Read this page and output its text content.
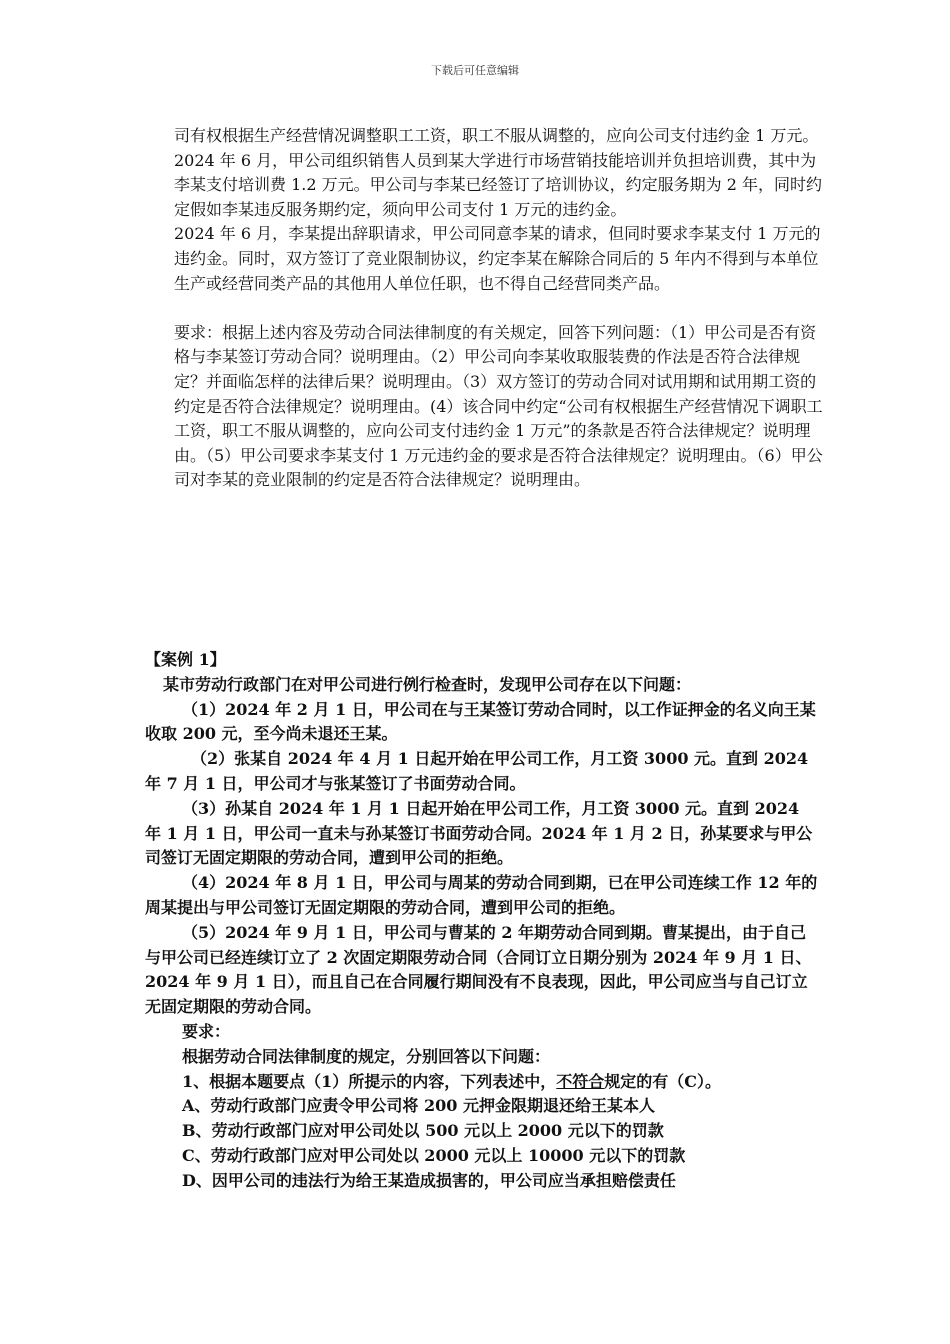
下载后可任意编辑

司有权根据生产经营情况调整职工工资，职工不服从调整的，应向公司支付违约金 1 万元。 2024 年 6 月，甲公司组织销售人员到某大学进行市场营销技能培训并负担培训费，其中为李某支付培训费 1.2 万元。甲公司与李某已经签订了培训协议，约定服务期为 2 年，同时约定假如李某违反服务期约定，须向甲公司支付 1 万元的违约金。

2024 年 6 月，李某提出辞职请求，甲公司同意李某的请求，但同时要求李某支付 1 万元的违约金。同时，双方签订了竞业限制协议，约定李某在解除合同后的 5 年内不得到与本单位生产或经营同类产品的其他用人单位任职，也不得自己经营同类产品。

要求：根据上述内容及劳动合同法律制度的有关规定，回答下列问题：（1）甲公司是否有资格与李某签订劳动合同？说明理由。（2）甲公司向李某收取服装费的作法是否符合法律规定？并面临怎样的法律后果？说明理由。（3）双方签订的劳动合同对试用期和试用期工资的约定是否符合法律规定？说明理由。(4）该合同中约定“公司有权根据生产经营情况下调职工工资，职工不服从调整的，应向公司支付违约金 1 万元”的条款是否符合法律规定？说明理由。（5）甲公司要求李某支付 1 万元违约金的要求是否符合法律规定？说明理由。（6）甲公司对李某的竞业限制的约定是否符合法律规定？说明理由。

【案例 1】

某市劳动行政部门在对甲公司进行例行检查时，发现甲公司存在以下问题：

（1）2024 年 2 月 1 日，甲公司在与王某签订劳动合同时，以工作证押金的名义向王某收取 200 元，至今尚未退还王某。

（2）张某自 2024 年 4 月 1 日起开始在甲公司工作，月工资 3000 元。直到 2024 年 7 月 1 日，甲公司才与张某签订了书面劳动合同。

（3）孙某自 2024 年 1 月 1 日起开始在甲公司工作，月工资 3000 元。直到 2024 年 1 月 1 日，甲公司一直未与孙某签订书面劳动合同。2024 年 1 月 2 日，孙某要求与甲公司签订无固定期限的劳动合同，遭到甲公司的拒绝。

（4）2024 年 8 月 1 日，甲公司与周某的劳动合同到期，已在甲公司连续工作 12 年的周某提出与甲公司签订无固定期限的劳动合同，遭到甲公司的拒绝。

（5）2024 年 9 月 1 日，甲公司与曹某的 2 年期劳动合同到期。曹某提出，由于自己与甲公司已经连续订立了 2 次固定期限劳动合同（合同订立日期分别为 2024 年 9 月 1 日、2024 年 9 月 1 日），而且自己在合同履行期间没有不良表现，因此，甲公司应当与自己订立无固定期限的劳动合同。

要求：

根据劳动合同法律制度的规定，分别回答以下问题：

1、根据本题要点（1）所提示的内容，下列表述中，不符合规定的有（C）。

A、劳动行政部门应责令甲公司将 200 元押金限期退还给王某本人

B、劳动行政部门应对甲公司处以 500 元以上 2000 元以下的罚款

C、劳动行政部门应对甲公司处以 2000 元以上 10000 元以下的罚款

D、因甲公司的违法行为给王某造成损害的，甲公司应当承担赔偿责任
